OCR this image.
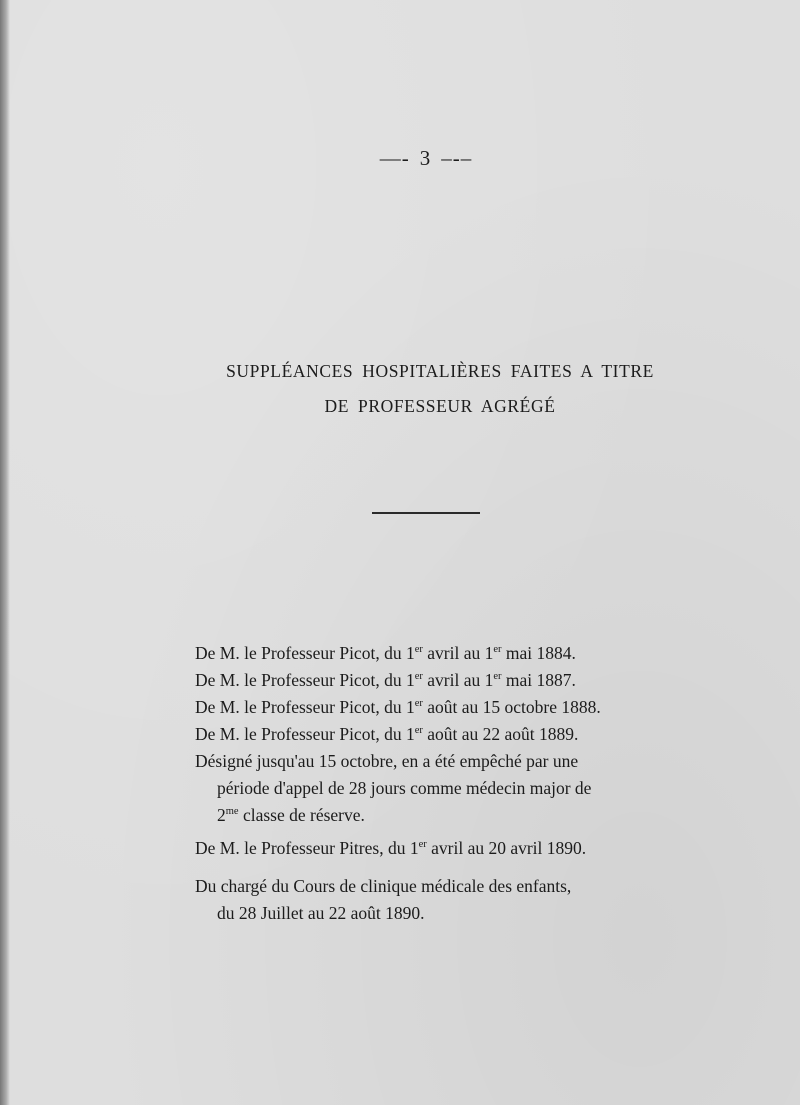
—- 3 –-–
SUPPLÉANCES HOSPITALIÈRES FAITES A TITRE
DE PROFESSEUR AGRÉGÉ

De M. le Professeur Picot, du 1er avril au 1er mai 1884.

De M. le Professeur Picot, du 1er avril au 1er mai 1887.

De M. le Professeur Picot, du 1er août au 15 octobre 1888.

De M. le Professeur Picot, du 1er août au 22 août 1889.

Désigné jusqu'au 15 octobre, en a été empêché par une
période d'appel de 28 jours comme médecin major de
$2^{me}$ classe de réserve.

De M. le Professeur Pitres, du 1er avril au 20 avril 1890.

Du chargé du Cours de clinique médicale des enfants,
du 28 Juillet au 22 août 1890.
